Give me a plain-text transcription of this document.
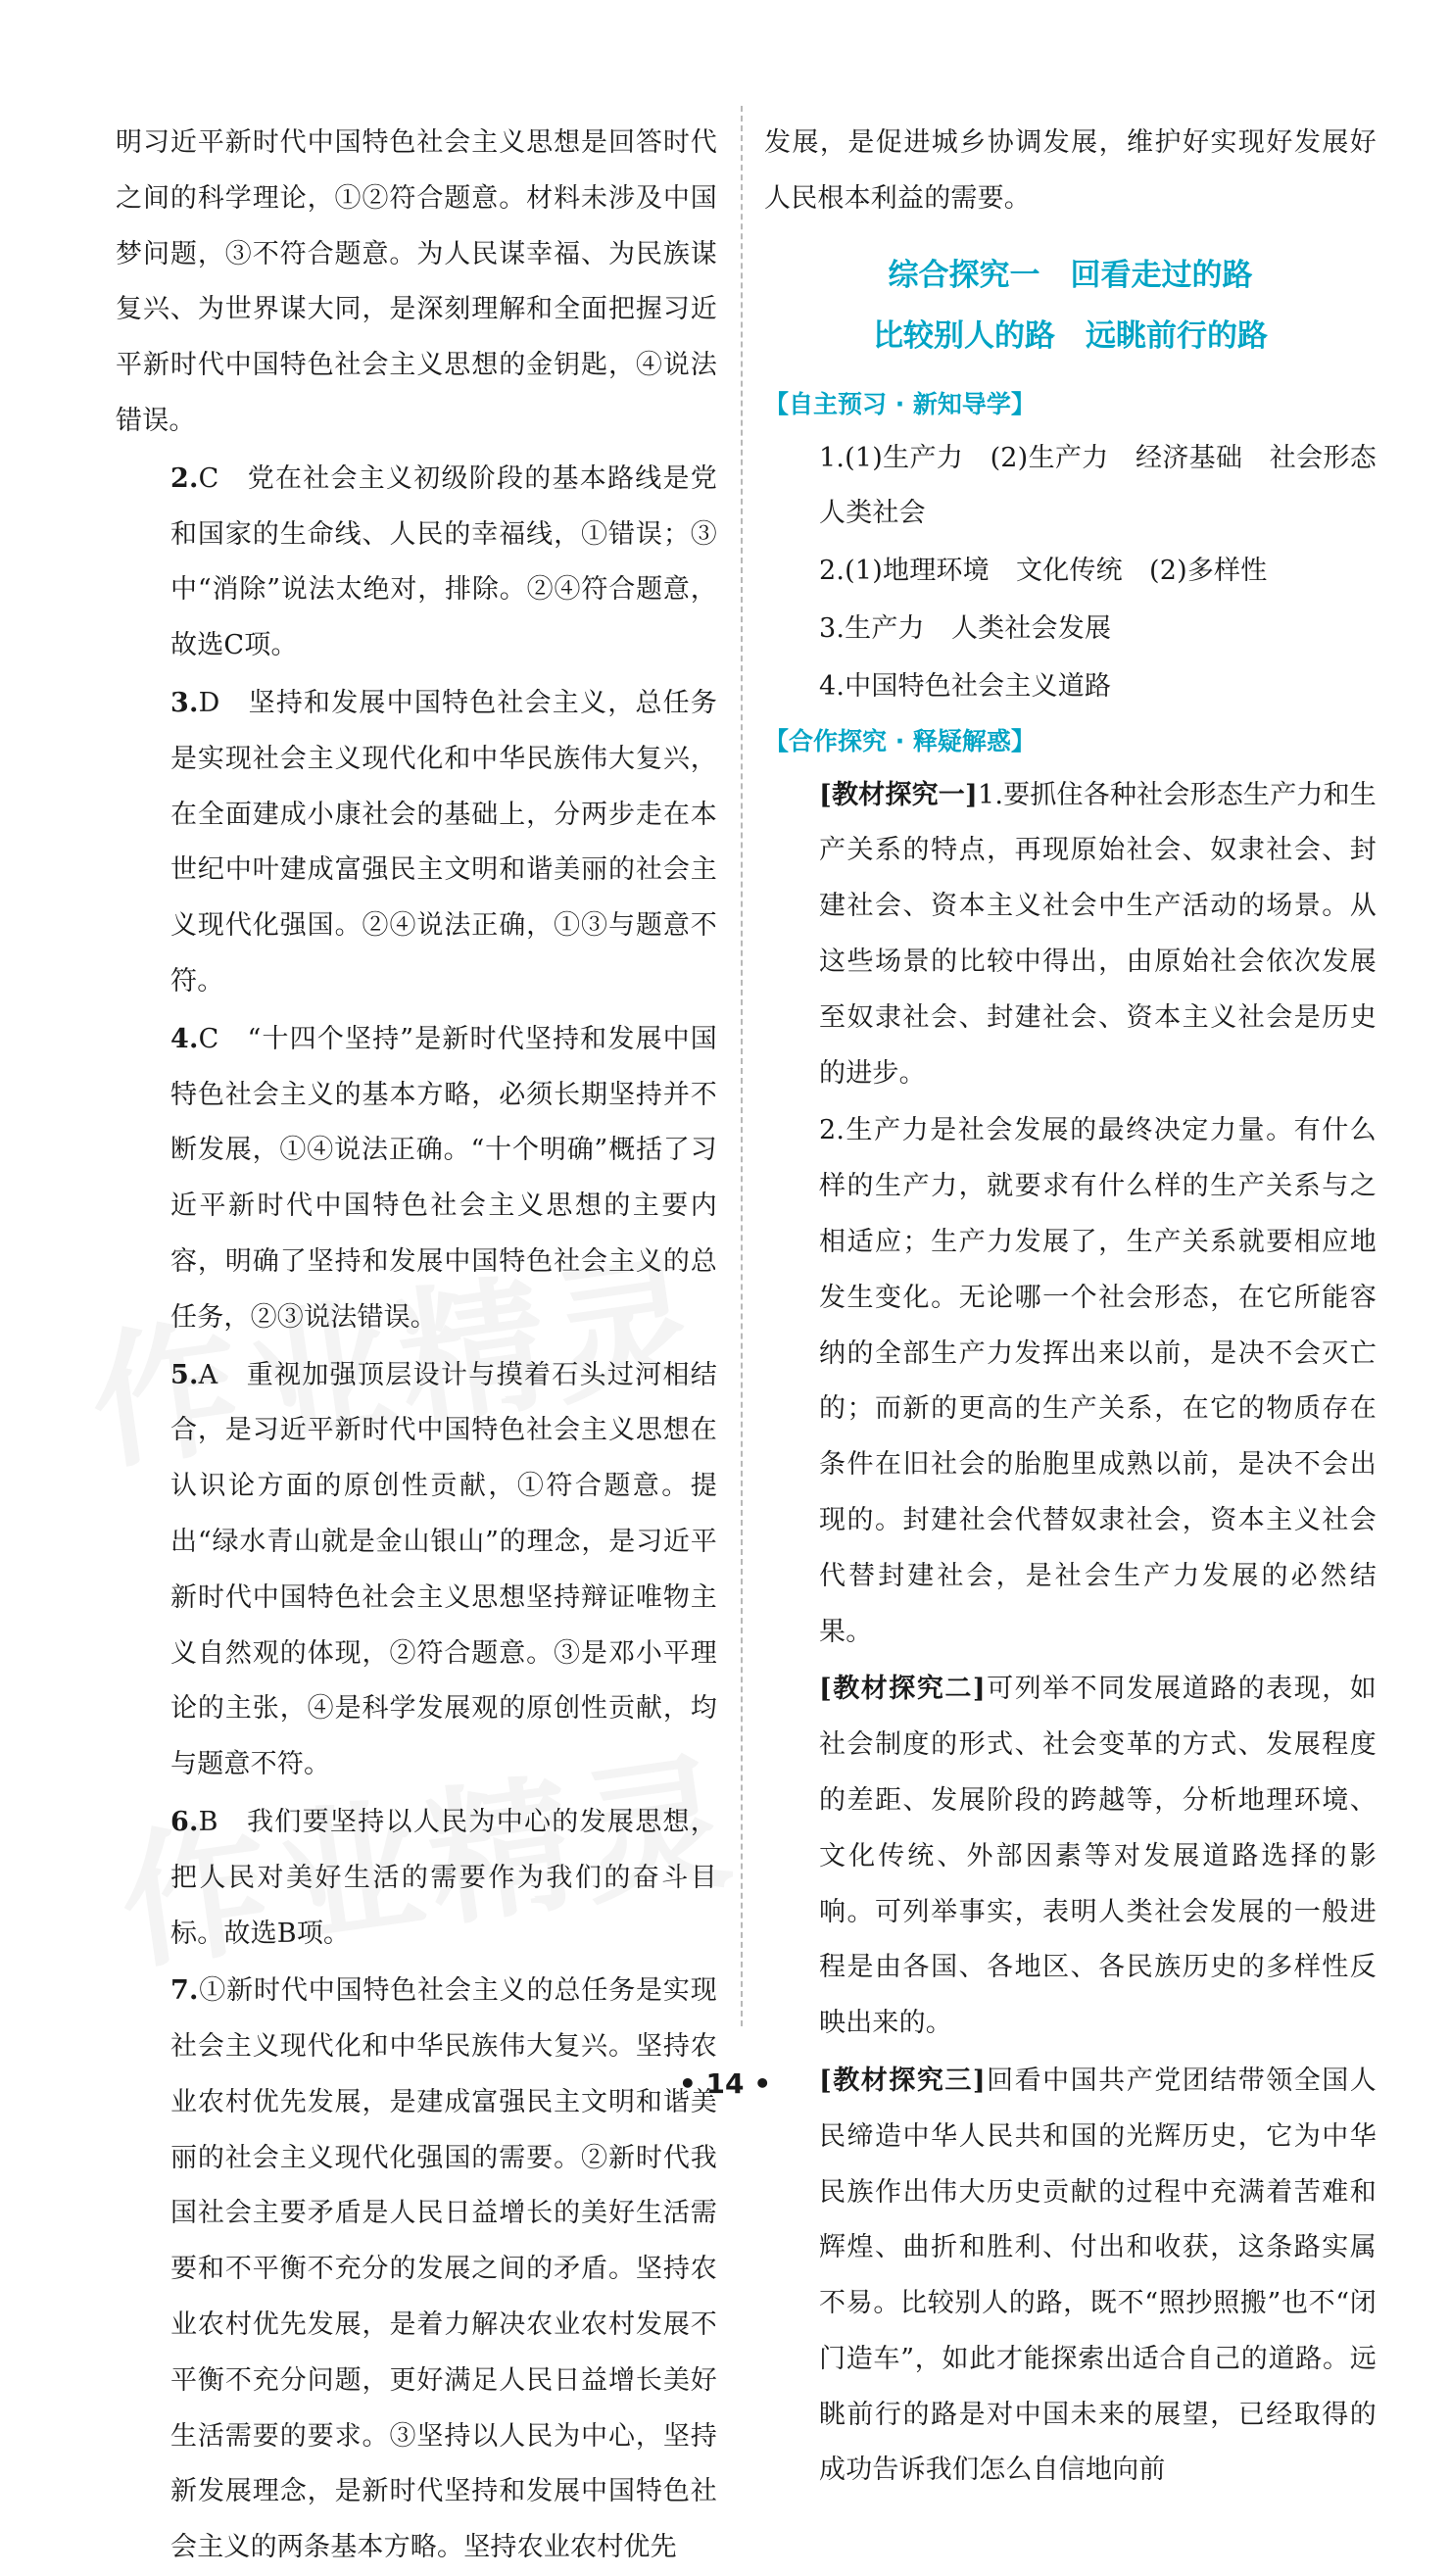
明习近平新时代中国特色社会主义思想是回答时代之间的科学理论，①②符合题意。材料未涉及中国梦问题，③不符合题意。为人民谋幸福、为民族谋复兴、为世界谋大同，是深刻理解和全面把握习近平新时代中国特色社会主义思想的金钥匙，④说法错误。

2.C　党在社会主义初级阶段的基本路线是党和国家的生命线、人民的幸福线，①错误；③中“消除”说法太绝对，排除。②④符合题意，故选C项。

3.D　坚持和发展中国特色社会主义，总任务是实现社会主义现代化和中华民族伟大复兴，在全面建成小康社会的基础上，分两步走在本世纪中叶建成富强民主文明和谐美丽的社会主义现代化强国。②④说法正确，①③与题意不符。

4.C　“十四个坚持”是新时代坚持和发展中国特色社会主义的基本方略，必须长期坚持并不断发展，①④说法正确。“十个明确”概括了习近平新时代中国特色社会主义思想的主要内容，明确了坚持和发展中国特色社会主义的总任务，②③说法错误。

5.A　重视加强顶层设计与摸着石头过河相结合，是习近平新时代中国特色社会主义思想在认识论方面的原创性贡献，①符合题意。提出“绿水青山就是金山银山”的理念，是习近平新时代中国特色社会主义思想坚持辩证唯物主义自然观的体现，②符合题意。③是邓小平理论的主张，④是科学发展观的原创性贡献，均与题意不符。

6.B　我们要坚持以人民为中心的发展思想，把人民对美好生活的需要作为我们的奋斗目标。故选B项。

7.①新时代中国特色社会主义的总任务是实现社会主义现代化和中华民族伟大复兴。坚持农业农村优先发展，是建成富强民主文明和谐美丽的社会主义现代化强国的需要。②新时代我国社会主要矛盾是人民日益增长的美好生活需要和不平衡不充分的发展之间的矛盾。坚持农业农村优先发展，是着力解决农业农村发展不平衡不充分问题，更好满足人民日益增长美好生活需要的要求。③坚持以人民为中心，坚持新发展理念，是新时代坚持和发展中国特色社会主义的两条基本方略。坚持农业农村优先

发展，是促进城乡协调发展，维护好实现好发展好人民根本利益的需要。

综合探究一　回看走过的路
比较别人的路　远眺前行的路

【自主预习 · 新知导学】

1.(1)生产力　(2)生产力　经济基础　社会形态　人类社会

2.(1)地理环境　文化传统　(2)多样性

3.生产力　人类社会发展

4.中国特色社会主义道路

【合作探究 · 释疑解惑】

[教材探究一]1.要抓住各种社会形态生产力和生产关系的特点，再现原始社会、奴隶社会、封建社会、资本主义社会中生产活动的场景。从这些场景的比较中得出，由原始社会依次发展至奴隶社会、封建社会、资本主义社会是历史的进步。

2.生产力是社会发展的最终决定力量。有什么样的生产力，就要求有什么样的生产关系与之相适应；生产力发展了，生产关系就要相应地发生变化。无论哪一个社会形态，在它所能容纳的全部生产力发挥出来以前，是决不会灭亡的；而新的更高的生产关系，在它的物质存在条件在旧社会的胎胞里成熟以前，是决不会出现的。封建社会代替奴隶社会，资本主义社会代替封建社会，是社会生产力发展的必然结果。

[教材探究二]可列举不同发展道路的表现，如社会制度的形式、社会变革的方式、发展程度的差距、发展阶段的跨越等，分析地理环境、文化传统、外部因素等对发展道路选择的影响。可列举事实，表明人类社会发展的一般进程是由各国、各地区、各民族历史的多样性反映出来的。

[教材探究三]回看中国共产党团结带领全国人民缔造中华人民共和国的光辉历史，它为中华民族作出伟大历史贡献的过程中充满着苦难和辉煌、曲折和胜利、付出和收获，这条路实属不易。比较别人的路，既不“照抄照搬”也不“闭门造车”，如此才能探索出适合自己的道路。远眺前行的路是对中国未来的展望，已经取得的成功告诉我们怎么自信地向前

• 14 •
